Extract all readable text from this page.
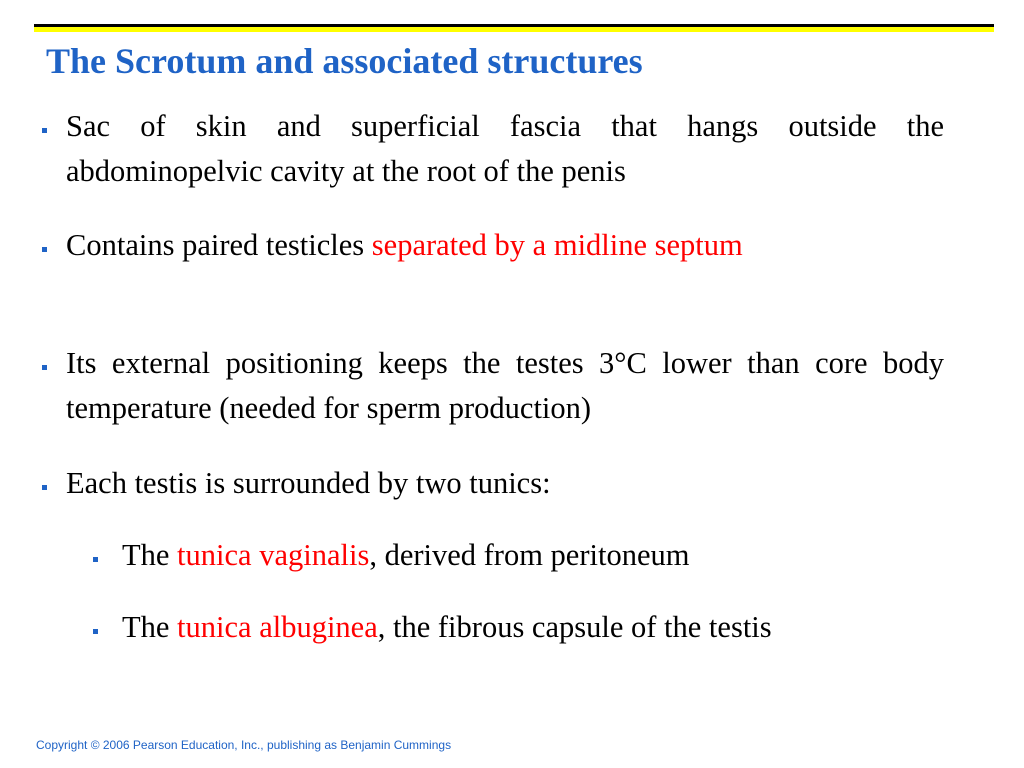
The Scrotum and associated structures
Sac of skin and superficial fascia that hangs outside the abdominopelvic cavity at the root of the penis
Contains paired testicles separated by a midline septum
Its external positioning keeps the testes 3°C lower than core body temperature (needed for sperm production)
Each testis is surrounded by two tunics:
The tunica vaginalis, derived from peritoneum
The tunica albuginea, the fibrous capsule of the testis

Copyright © 2006 Pearson Education, Inc., publishing as Benjamin Cummings
